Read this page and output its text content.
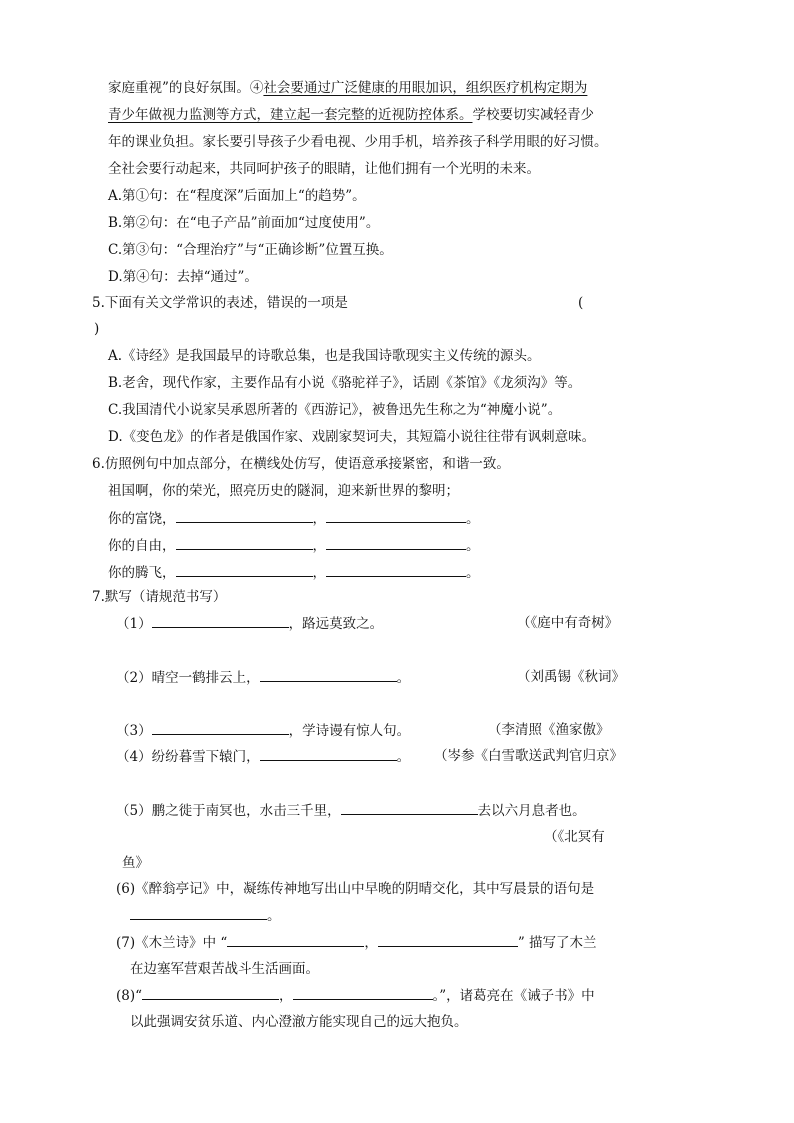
家庭重视”的良好氛围。④社会要通过广泛健康的用眼加识，组织医疗机构定期为
青少年做视力监测等方式，建立起一套完整的近视防控体系。学校要切实减轻青少
年的课业负担。家长要引导孩子少看电视、少用手机，培养孩子科学用眼的好习惯。
全社会要行动起来，共同呵护孩子的眼睛，让他们拥有一个光明的未来。
A.第①句：在“程度深”后面加上“的趋势”。
B.第②句：在“电子产品”前面加“过度使用”。
C.第③句：“合理治疗”与“正确诊断”位置互换。
D.第④句：去掉“通过”。
5.下面有关文学常识的表述，错误的一项是	(
)
A.《诗经》是我国最早的诗歌总集，也是我国诗歌现实主义传统的源头。
B.老舍，现代作家，主要作品有小说《骆驼祥子》，话剧《茶馆》《龙须沟》等。
C.我国清代小说家吴承恩所著的《西游记》，被鲁迅先生称之为“神魔小说”。
D.《变色龙》的作者是俄国作家、戏剧家契诃夫，其短篇小说往往带有讽刺意味。
6.仿照例句中加点部分，在横线处仿写，使语意承接紧密，和谐一致。
祖国啊，你的荣光，照亮历史的隧洞，迎来新世界的黎明；
你的富饶，	，	。
你的自由，	，	。
你的腾飞，	，	。
7.默写（请规范书写）
（1）	，路远莫致之。	（《庭中有奇树》
（2）晴空一鹤排云上，	。	（刘禹锡《秋词》
（3）	，学诗谩有惊人句。	（李清照《渔家傲》
（4）纷纷暮雪下辕门，	。 （岑参《白雪歌送武判官归京》
（5）鹏之徙于南冥也，水击三千里，	去以六月息者也。
（《北冥有
鱼》
(6)《醉翁亭记》中，凝练传神地写出山中早晚的阴晴交化，其中写晨景的语句是
。
(7)《木兰诗》中 “	，	” 描写了木兰
在边塞军营艰苦战斗生活画面。
(8)“	，	。”，诸葛亮在《诫子书》中
以此强调安贫乐道、内心澄澈方能实现自己的远大抱负。
